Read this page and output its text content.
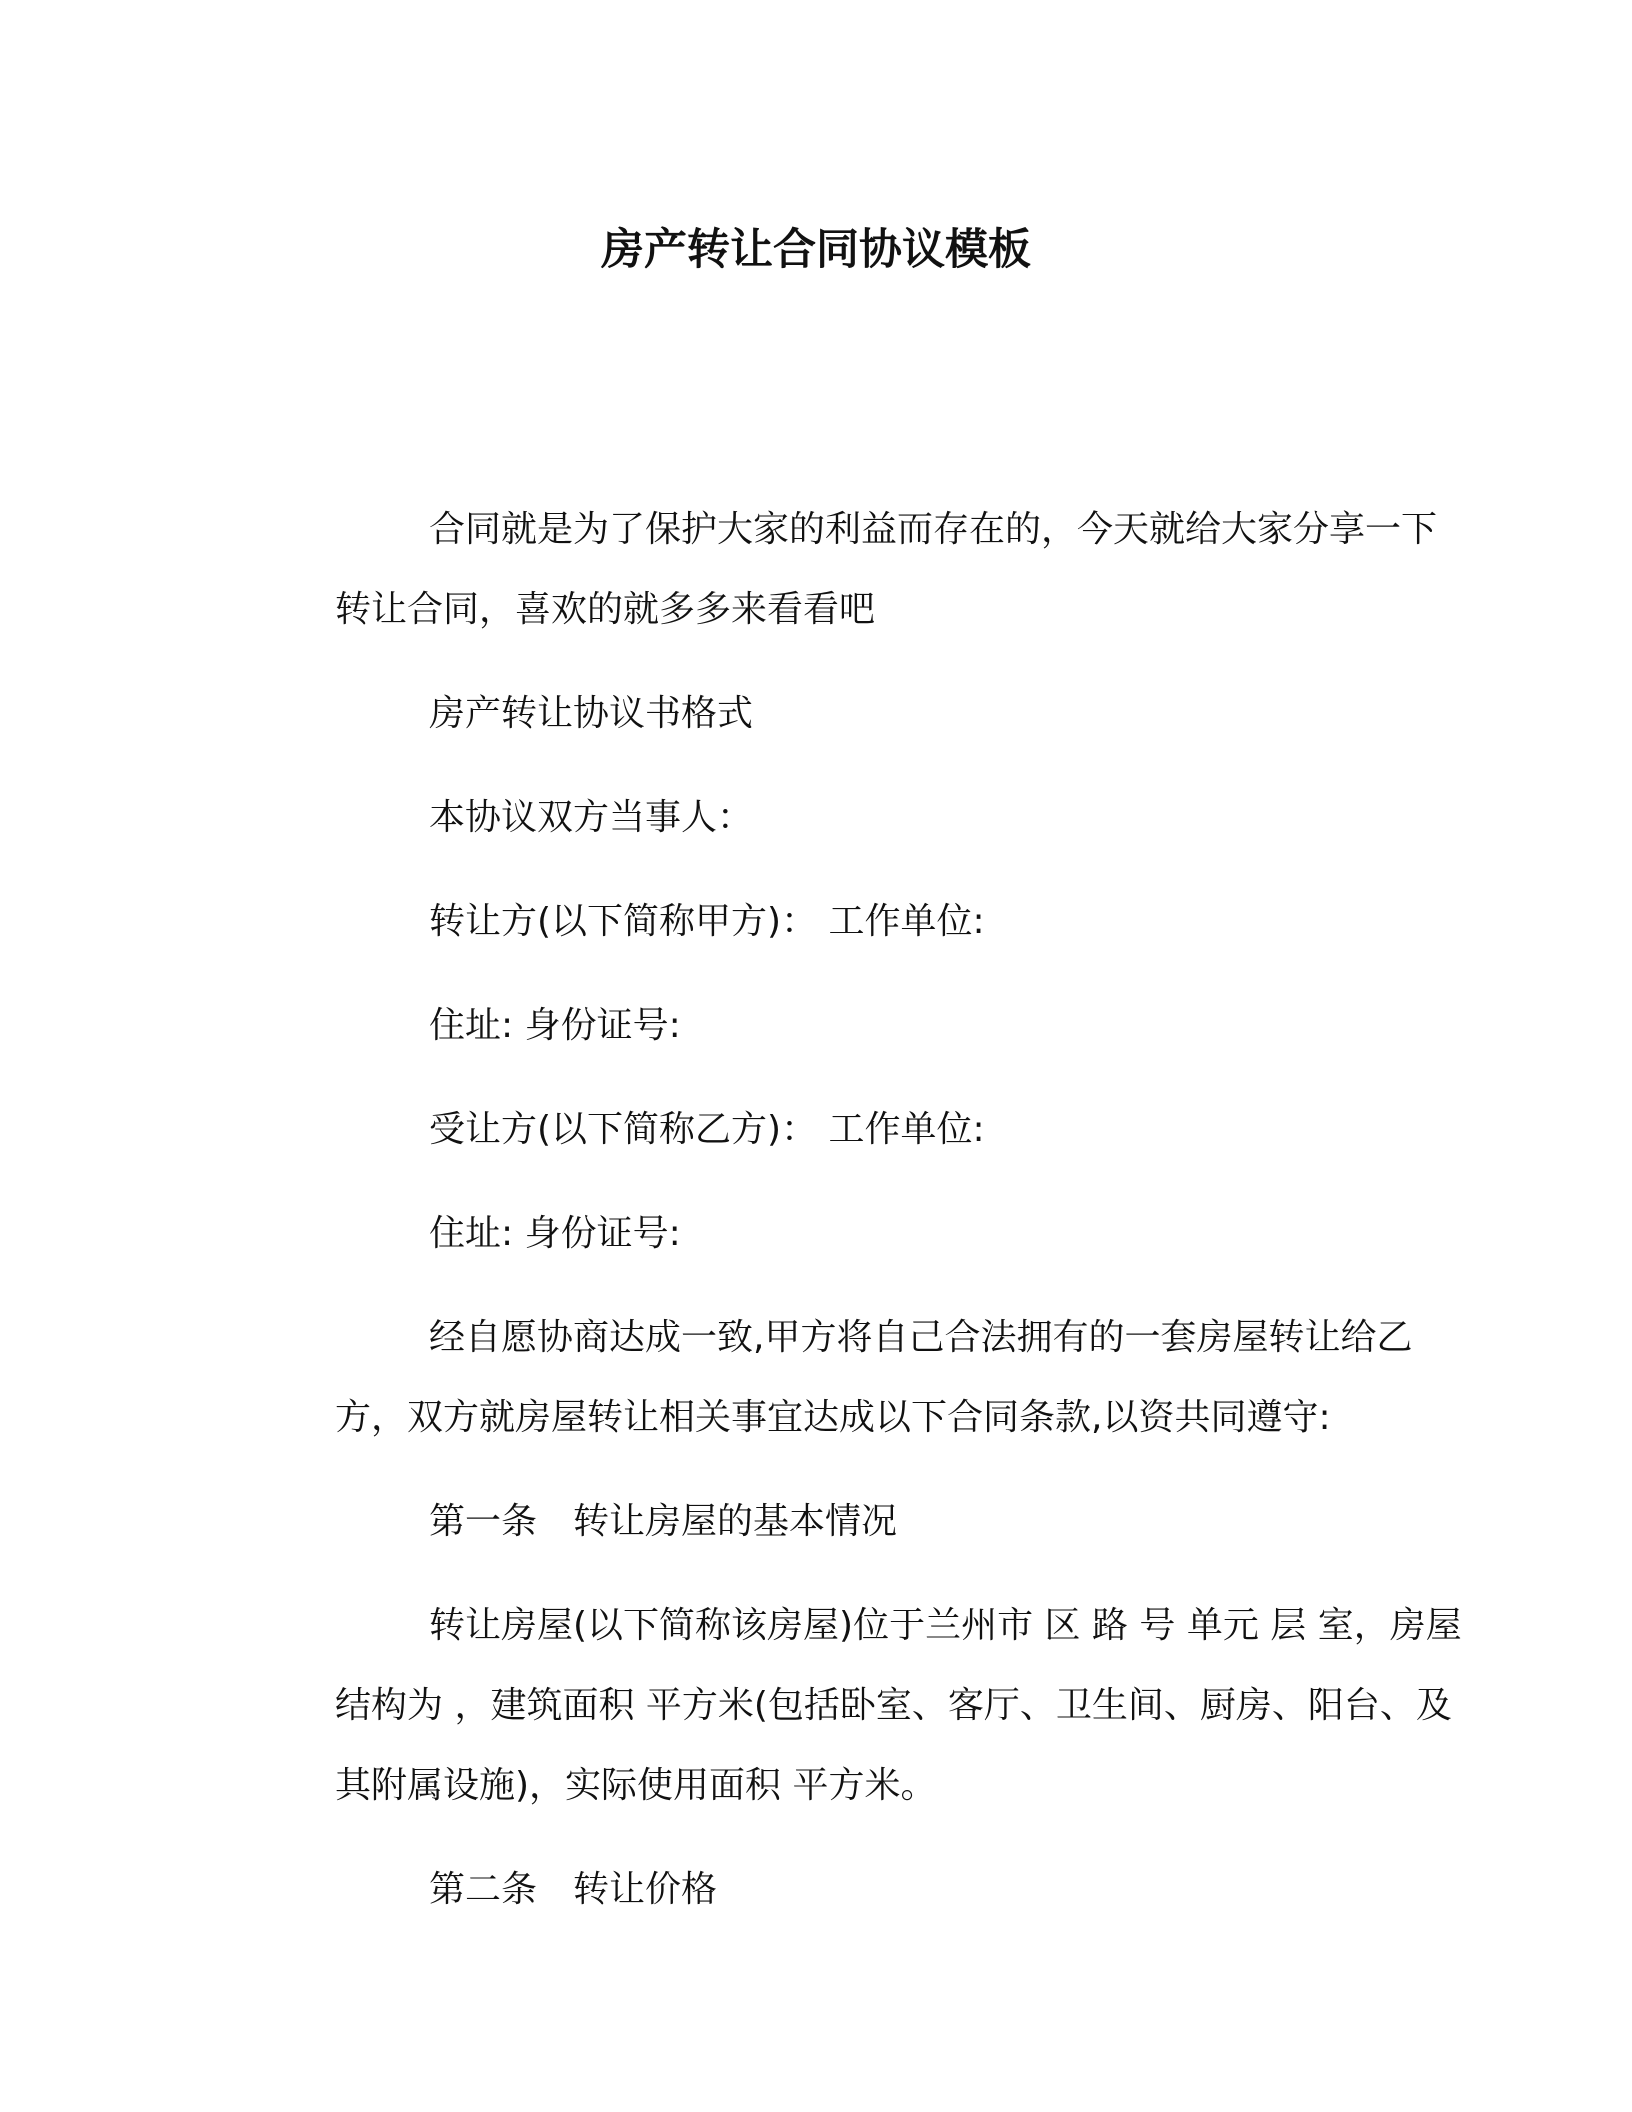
房产转让合同协议模板
合同就是为了保护大家的利益而存在的，今天就给大家分享一下
转让合同，喜欢的就多多来看看吧
房产转让协议书格式
本协议双方当事人：
转让方(以下简称甲方)： 工作单位:
住址: 身份证号:
受让方(以下简称乙方)： 工作单位:
住址: 身份证号:
经自愿协商达成一致,甲方将自己合法拥有的一套房屋转让给乙
方，双方就房屋转让相关事宜达成以下合同条款,以资共同遵守:
第一条　转让房屋的基本情况
转让房屋(以下简称该房屋)位于兰州市 区 路 号 单元 层 室，房屋
结构为 ，建筑面积 平方米(包括卧室、客厅、卫生间、厨房、阳台、及
其附属设施)，实际使用面积 平方米。
第二条　转让价格
